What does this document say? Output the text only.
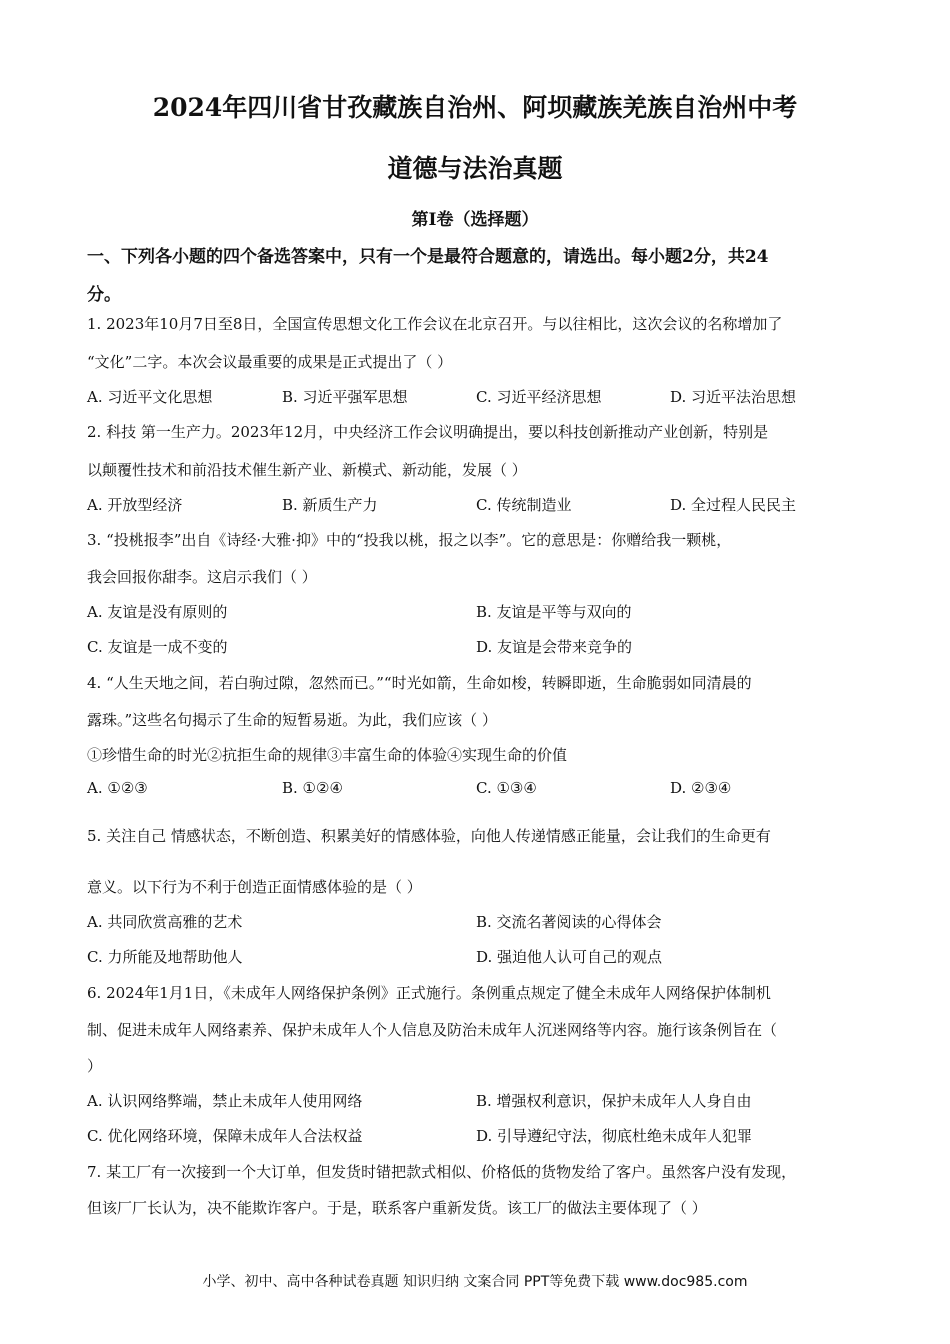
2024年四川省甘孜藏族自治州、阿坝藏族羌族自治州中考
道德与法治真题
第Ⅰ卷（选择题）
一、下列各小题的四个备选答案中，只有一个是最符合题意的，请选出。每小题2分，共24
分。
1. 2023年10月7日至8日，全国宣传思想文化工作会议在北京召开。与以往相比，这次会议的名称增加了
“文化”二字。本次会议最重要的成果是正式提出了（ ）
A. 习近平文化思想	B. 习近平强军思想	C. 习近平经济思想	D. 习近平法治思想
2. 科技 第一生产力。2023年12月，中央经济工作会议明确提出，要以科技创新推动产业创新，特别是
以颠覆性技术和前沿技术催生新产业、新模式、新动能，发展（ ）
A. 开放型经济	B. 新质生产力	C. 传统制造业	D. 全过程人民民主
3. “投桃报李”出自《诗经·大雅·抑》中的“投我以桃，报之以李”。它的意思是：你赠给我一颗桃，
我会回报你甜李。这启示我们（ ）
A. 友谊是没有原则的	B. 友谊是平等与双向的
C. 友谊是一成不变的	D. 友谊是会带来竞争的
4. “人生天地之间，若白驹过隙，忽然而已。”“时光如箭，生命如梭，转瞬即逝，生命脆弱如同清晨的
露珠。”这些名句揭示了生命的短暂易逝。为此，我们应该（ ）
①珍惜生命的时光②抗拒生命的规律③丰富生命的体验④实现生命的价值
A. ①②③	B. ①②④	C. ①③④	D. ②③④
5. 关注自己 情感状态，不断创造、积累美好的情感体验，向他人传递情感正能量，会让我们的生命更有
意义。以下行为不利于创造正面情感体验的是（ ）
A. 共同欣赏高雅的艺术	B. 交流名著阅读的心得体会
C. 力所能及地帮助他人	D. 强迫他人认可自己的观点
6. 2024年1月1日，《未成年人网络保护条例》正式施行。条例重点规定了健全未成年人网络保护体制机
制、促进未成年人网络素养、保护未成年人个人信息及防治未成年人沉迷网络等内容。施行该条例旨在（
）
A. 认识网络弊端，禁止未成年人使用网络	B. 增强权利意识，保护未成年人人身自由
C. 优化网络环境，保障未成年人合法权益	D. 引导遵纪守法，彻底杜绝未成年人犯罪
7. 某工厂有一次接到一个大订单，但发货时错把款式相似、价格低的货物发给了客户。虽然客户没有发现，
但该厂厂长认为，决不能欺诈客户。于是，联系客户重新发货。该工厂的做法主要体现了（ ）
小学、初中、高中各种试卷真题 知识归纳 文案合同 PPT等免费下载 www.doc985.com
